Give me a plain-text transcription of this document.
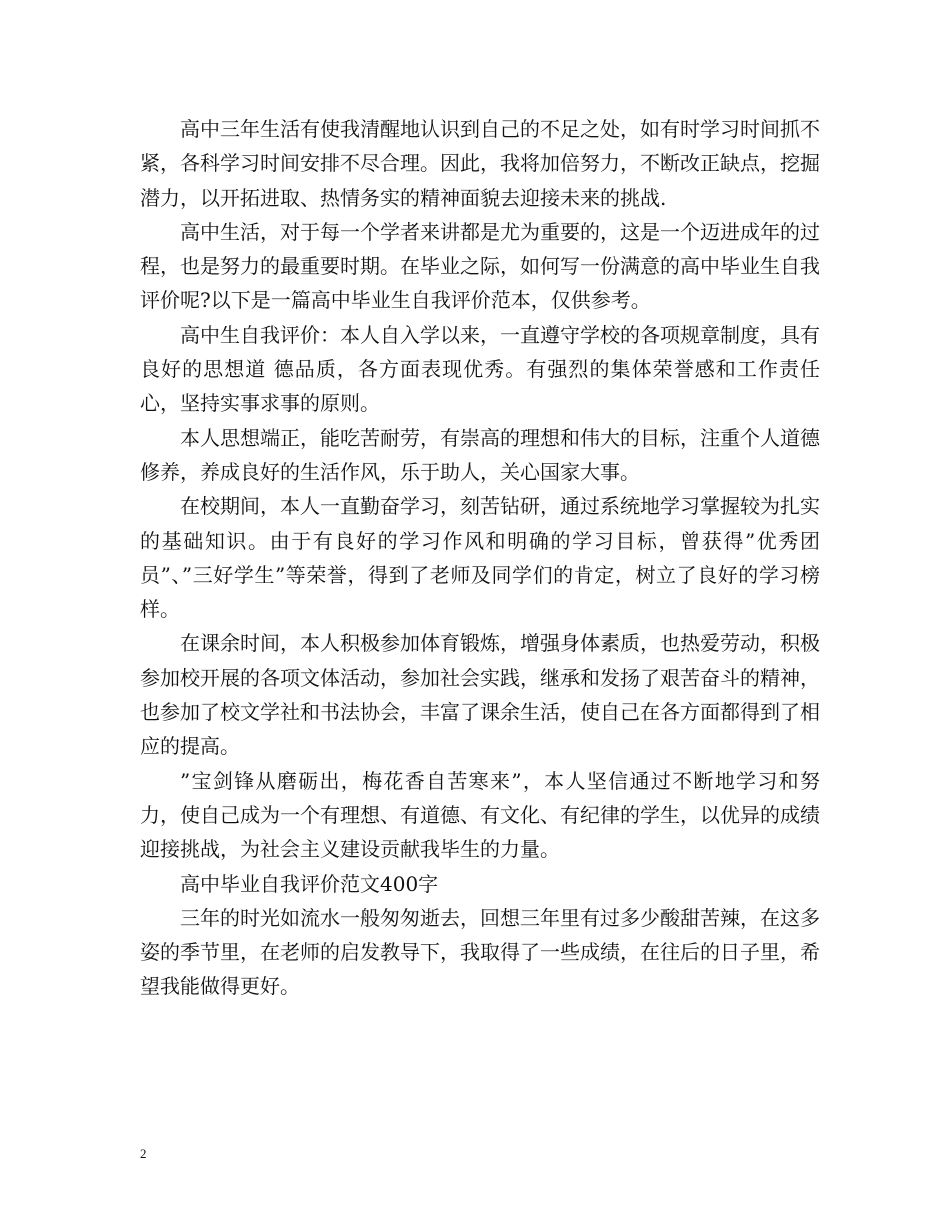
高中三年生活有使我清醒地认识到自己的不足之处，如有时学习时间抓不紧，各科学习时间安排不尽合理。因此，我将加倍努力，不断改正缺点，挖掘潜力，以开拓进取、热情务实的精神面貌去迎接未来的挑战.

高中生活，对于每一个学者来讲都是尤为重要的，这是一个迈进成年的过程，也是努力的最重要时期。在毕业之际，如何写一份满意的高中毕业生自我评价呢?以下是一篇高中毕业生自我评价范本，仅供参考。

高中生自我评价：本人自入学以来，一直遵守学校的各项规章制度，具有良好的思想道 德品质，各方面表现优秀。有强烈的集体荣誉感和工作责任心，坚持实事求事的原则。

本人思想端正，能吃苦耐劳，有崇高的理想和伟大的目标，注重个人道德修养，养成良好的生活作风，乐于助人，关心国家大事。

在校期间，本人一直勤奋学习，刻苦钻研，通过系统地学习掌握较为扎实的基础知识。由于有良好的学习作风和明确的学习目标，曾获得”优秀团员”、”三好学生”等荣誉，得到了老师及同学们的肯定，树立了良好的学习榜样。

在课余时间，本人积极参加体育锻炼，增强身体素质，也热爱劳动，积极参加校开展的各项文体活动，参加社会实践，继承和发扬了艰苦奋斗的精神，也参加了校文学社和书法协会，丰富了课余生活，使自己在各方面都得到了相应的提高。

”宝剑锋从磨砺出，梅花香自苦寒来”，本人坚信通过不断地学习和努力，使自己成为一个有理想、有道德、有文化、有纪律的学生，以优异的成绩迎接挑战，为社会主义建设贡献我毕生的力量。

高中毕业自我评价范文400字

三年的时光如流水一般匆匆逝去，回想三年里有过多少酸甜苦辣，在这多姿的季节里，在老师的启发教导下，我取得了一些成绩，在往后的日子里，希望我能做得更好。

2
